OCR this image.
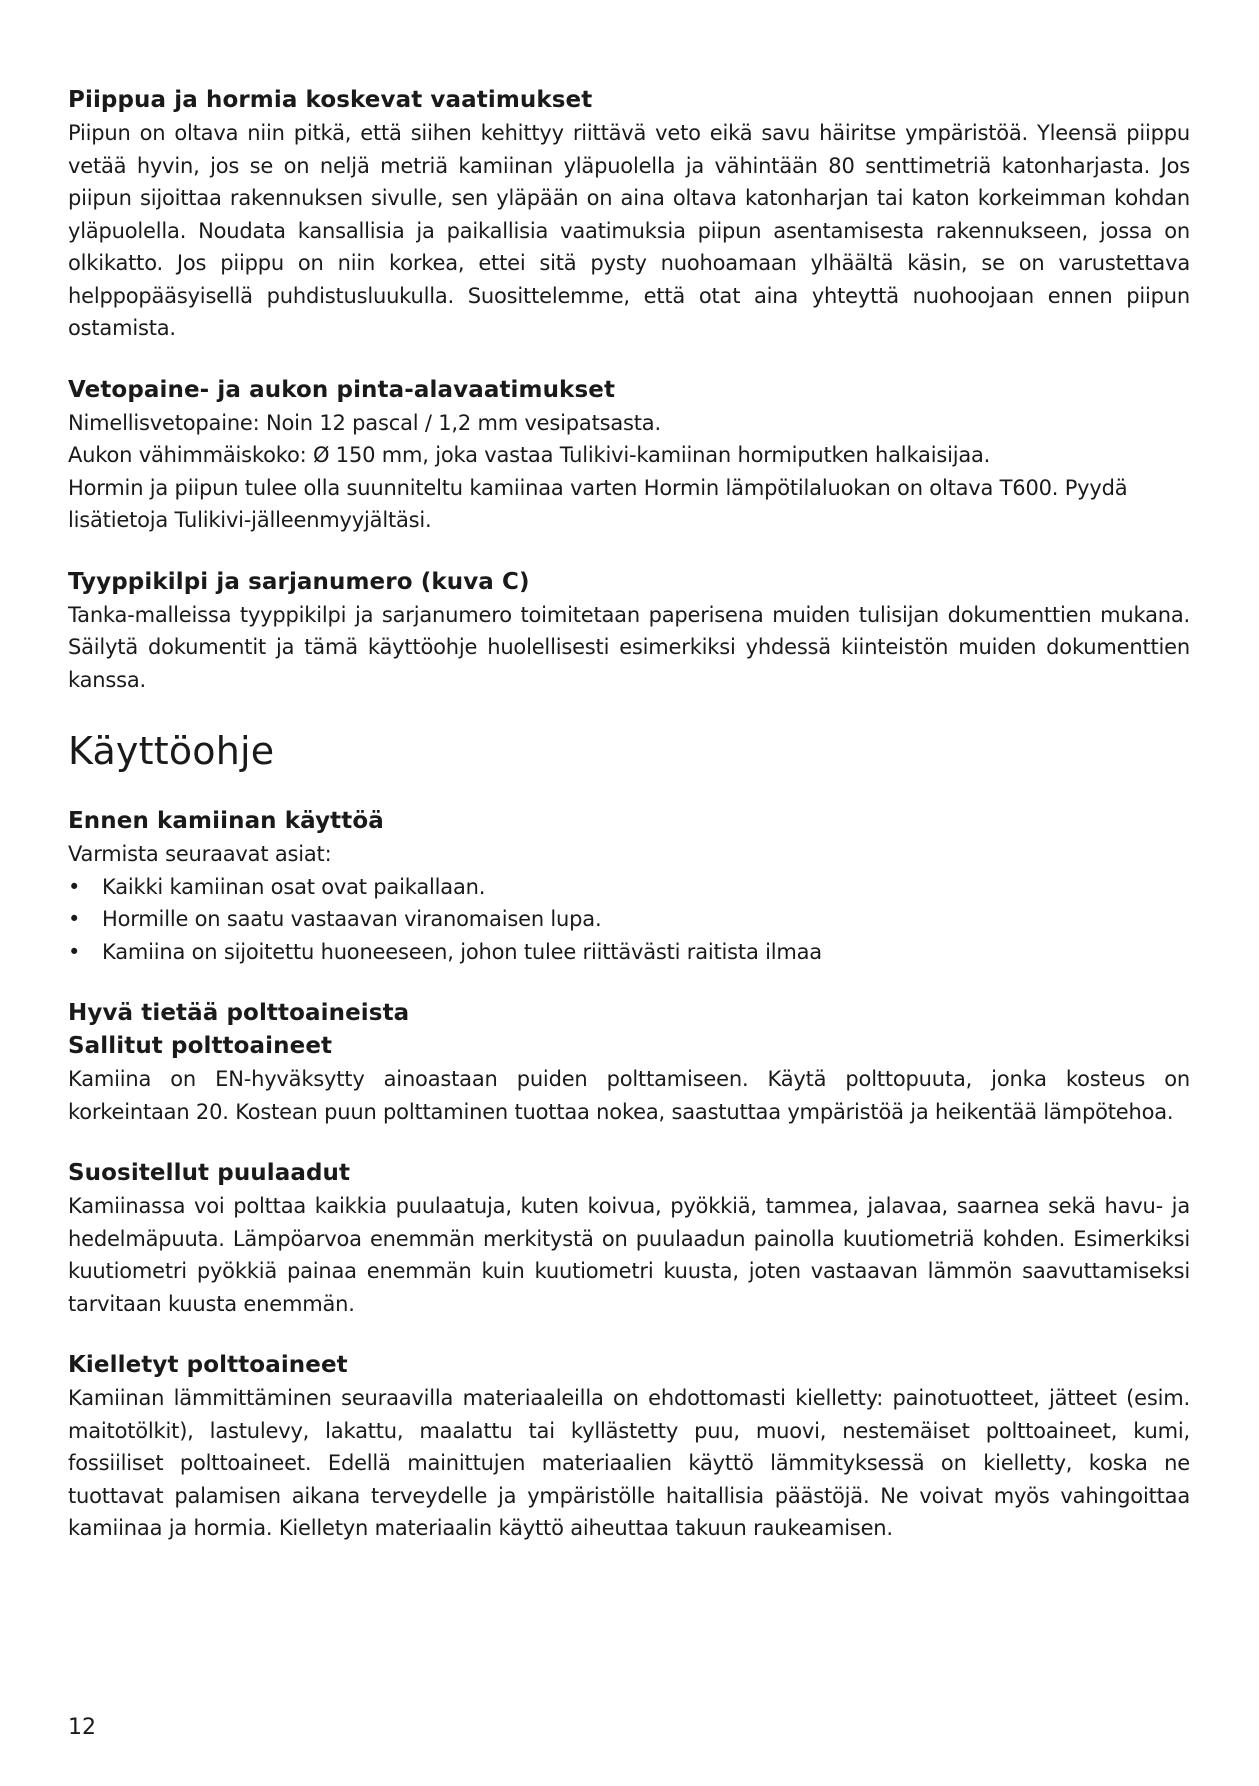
Piippua ja hormia koskevat vaatimukset

Piipun on oltava niin pitkä, että siihen kehittyy riittävä veto eikä savu häiritse ympäristöä. Yleensä piippu vetää hyvin, jos se on neljä metriä kamiinan yläpuolella ja vähintään 80 senttimetriä katonharjasta. Jos piipun sijoittaa rakennuksen sivulle, sen yläpään on aina oltava katonharjan tai katon korkeimman kohdan yläpuolella. Noudata kansallisia ja paikallisia vaatimuksia piipun asentamisesta rakennukseen, jossa on olkikatto. Jos piippu on niin korkea, ettei sitä pysty nuohoamaan ylhäältä käsin, se on varustettava helppopääsyisellä puhdistusluukulla. Suosittelemme, että otat aina yhteyttä nuohoojaan ennen piipun ostamista.

Vetopaine- ja aukon pinta-alavaatimukset

Nimellisvetopaine: Noin 12 pascal / 1,2 mm vesipatsasta.

Aukon vähimmäiskoko: Ø 150 mm, joka vastaa Tulikivi-kamiinan hormiputken halkaisijaa.

Hormin ja piipun tulee olla suunniteltu kamiinaa varten Hormin lämpötilaluokan on oltava T600. Pyydä lisätietoja Tulikivi-jälleenmyyjältäsi.

Tyyppikilpi ja sarjanumero (kuva C)

Tanka-malleissa tyyppikilpi ja sarjanumero toimitetaan paperisena muiden tulisijan dokumenttien mukana. Säilytä dokumentit ja tämä käyttöohje huolellisesti esimerkiksi yhdessä kiinteistön muiden dokumenttien kanssa.

Käyttöohje
Ennen kamiinan käyttöä

Varmista seuraavat asiat:

•	Kaikki kamiinan osat ovat paikallaan.
•	Hormille on saatu vastaavan viranomaisen lupa.
•	Kamiina on sijoitettu huoneeseen, johon tulee riittävästi raitista ilmaa
Hyvä tietää polttoaineista
Sallitut polttoaineet

Kamiina on EN-hyväksytty ainoastaan puiden polttamiseen. Käytä polttopuuta, jonka kosteus on korkeintaan 20. Kostean puun polttaminen tuottaa nokea, saastuttaa ympäristöä ja heikentää lämpötehoa.

Suositellut puulaadut

Kamiinassa voi polttaa kaikkia puulaatuja, kuten koivua, pyökkiä, tammea, jalavaa, saarnea sekä havu- ja hedelmäpuuta. Lämpöarvoa enemmän merkitystä on puulaadun painolla kuutiometriä kohden. Esimerkiksi kuutiometri pyökkiä painaa enemmän kuin kuutiometri kuusta, joten vastaavan lämmön saavuttamiseksi tarvitaan kuusta enemmän.

Kielletyt polttoaineet

Kamiinan lämmittäminen seuraavilla materiaaleilla on ehdottomasti kielletty: painotuotteet, jätteet (esim. maitotölkit), lastulevy, lakattu, maalattu tai kyllästetty puu, muovi, nestemäiset polttoaineet, kumi, fossiiliset polttoaineet. Edellä mainittujen materiaalien käyttö lämmityksessä on kielletty, koska ne tuottavat palamisen aikana terveydelle ja ympäristölle haitallisia päästöjä. Ne voivat myös vahingoittaa kamiinaa ja hormia. Kielletyn materiaalin käyttö aiheuttaa takuun raukeamisen.

12
